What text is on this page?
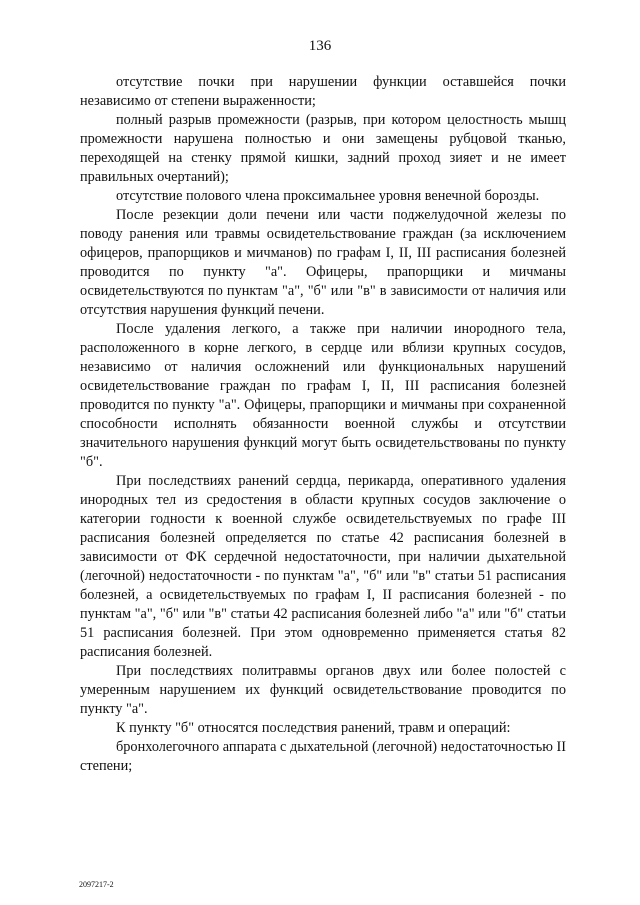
136

отсутствие почки при нарушении функции оставшейся почки независимо от степени выраженности;

полный разрыв промежности (разрыв, при котором целостность мышц промежности нарушена полностью и они замещены рубцовой тканью, переходящей на стенку прямой кишки, задний проход зияет и не имеет правильных очертаний);

отсутствие полового члена проксимальнее уровня венечной борозды.

После резекции доли печени или части поджелудочной железы по поводу ранения или травмы освидетельствование граждан (за исключением офицеров, прапорщиков и мичманов) по графам I, II, III расписания болезней проводится по пункту "а". Офицеры, прапорщики и мичманы освидетельствуются по пунктам "а", "б" или "в" в зависимости от наличия или отсутствия нарушения функций печени.

После удаления легкого, а также при наличии инородного тела, расположенного в корне легкого, в сердце или вблизи крупных сосудов, независимо от наличия осложнений или функциональных нарушений освидетельствование граждан по графам I, II, III расписания болезней проводится по пункту "а". Офицеры, прапорщики и мичманы при сохраненной способности исполнять обязанности военной службы и отсутствии значительного нарушения функций могут быть освидетельствованы по пункту "б".

При последствиях ранений сердца, перикарда, оперативного удаления инородных тел из средостения в области крупных сосудов заключение о категории годности к военной службе освидетельствуемых по графе III расписания болезней определяется по статье 42 расписания болезней в зависимости от ФК сердечной недостаточности, при наличии дыхательной (легочной) недостаточности - по пунктам "а", "б" или "в" статьи 51 расписания болезней, а освидетельствуемых по графам I, II расписания болезней - по пунктам "а", "б" или "в" статьи 42 расписания болезней либо "а" или "б" статьи 51 расписания болезней. При этом одновременно применяется статья 82 расписания болезней.

При последствиях политравмы органов двух или более полостей с умеренным нарушением их функций освидетельствование проводится по пункту "а".

К пункту "б" относятся последствия ранений, травм и операций:

бронхолегочного аппарата с дыхательной (легочной) недостаточностью II степени;

2097217-2
